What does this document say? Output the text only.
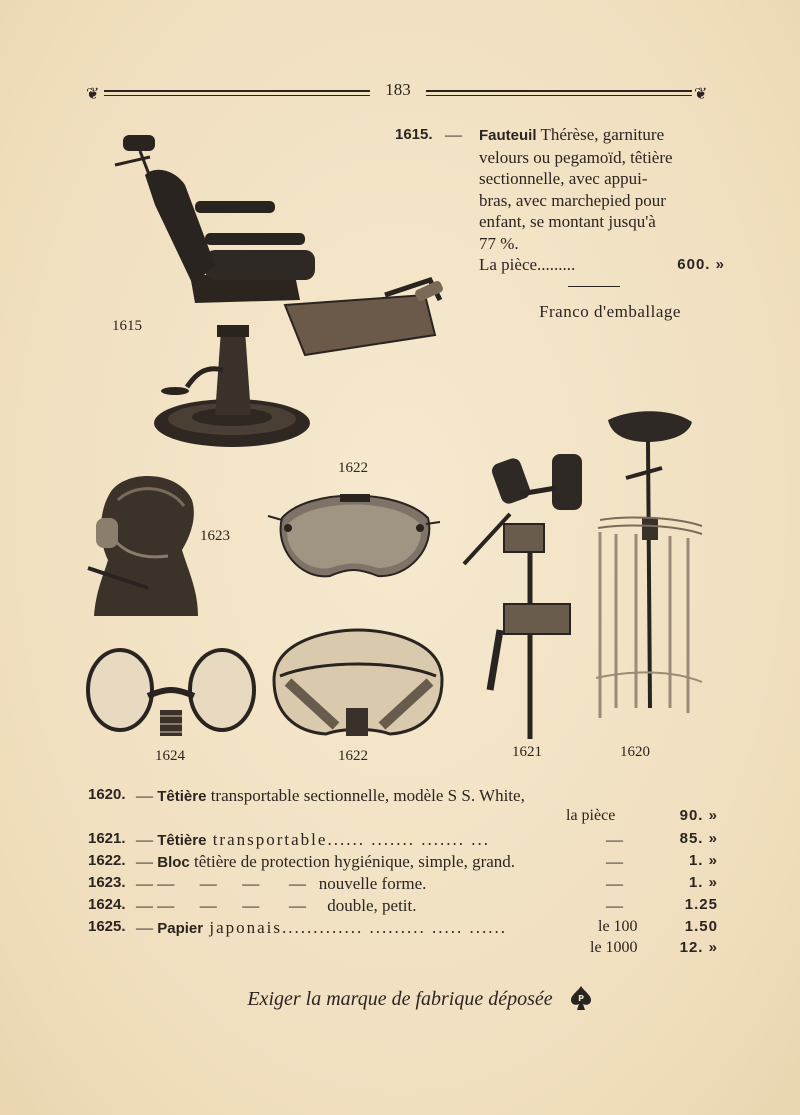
❦	183	❦
1615
1615. — Fauteuil Thérèse, garniture
velours ou pegamoïd, têtière
sectionnelle, avec appui-
bras, avec marchepied pour
enfant, se montant jusqu'à
77 %.
La pièce.........	600. »
Franco d'emballage
1622
1623
1624	1622	1621	1620
1620. — Têtière transportable sectionnelle, modèle S S. White,
la pièce	90. »
1621. — Têtière transportable...... ....... ....... ...	—	85. »
1622. — Bloc têtière de protection hygiénique, simple, grand.	—	1. »
1623. — —      —      —       —   nouvelle forme.	—	1. »
1624. — —      —      —       —     double, petit.	—	1.25
1625. — Papier japonais............. ......... ..... ......	le 100	1.50
le 1000	12. »
Exiger la marque de fabrique déposée	P
